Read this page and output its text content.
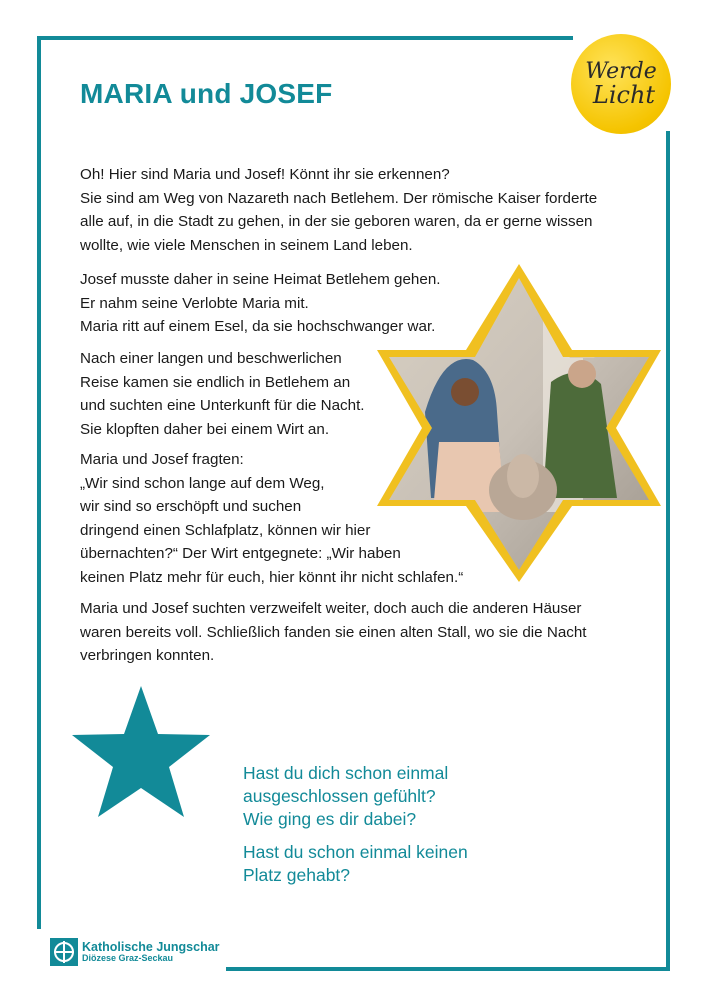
MARIA und JOSEF
Werde
Licht

Oh! Hier sind Maria und Josef! Könnt ihr sie erkennen?
Sie sind am Weg von Nazareth nach Betlehem. Der römische Kaiser forderte
alle auf, in die Stadt zu gehen, in der sie geboren waren, da er gerne wissen
wollte, wie viele Menschen in seinem Land leben.

Josef musste daher in seine Heimat Betlehem gehen.
Er nahm seine Verlobte Maria mit.
Maria ritt auf einem Esel, da sie hochschwanger war.
Nach einer langen und beschwerlichen
Reise kamen sie endlich in Betlehem an
und suchten eine Unterkunft für die Nacht.
Sie klopften daher bei einem Wirt an.
Maria und Josef fragten:
„Wir sind schon lange auf dem Weg,
wir sind so erschöpft und suchen
dringend einen Schlafplatz, können wir hier
übernachten?“ Der Wirt entgegnete: „Wir haben
keinen Platz mehr für euch, hier könnt ihr nicht schlafen.“
Maria und Josef suchten verzweifelt weiter, doch auch die anderen Häuser
waren bereits voll. Schließlich fanden sie einen alten Stall, wo sie die Nacht
verbringen konnten.

Hast du dich schon einmal
ausgeschlossen gefühlt?
Wie ging es dir dabei?

Hast du schon einmal keinen
Platz gehabt?

Katholische Jungschar
Diözese Graz-Seckau
